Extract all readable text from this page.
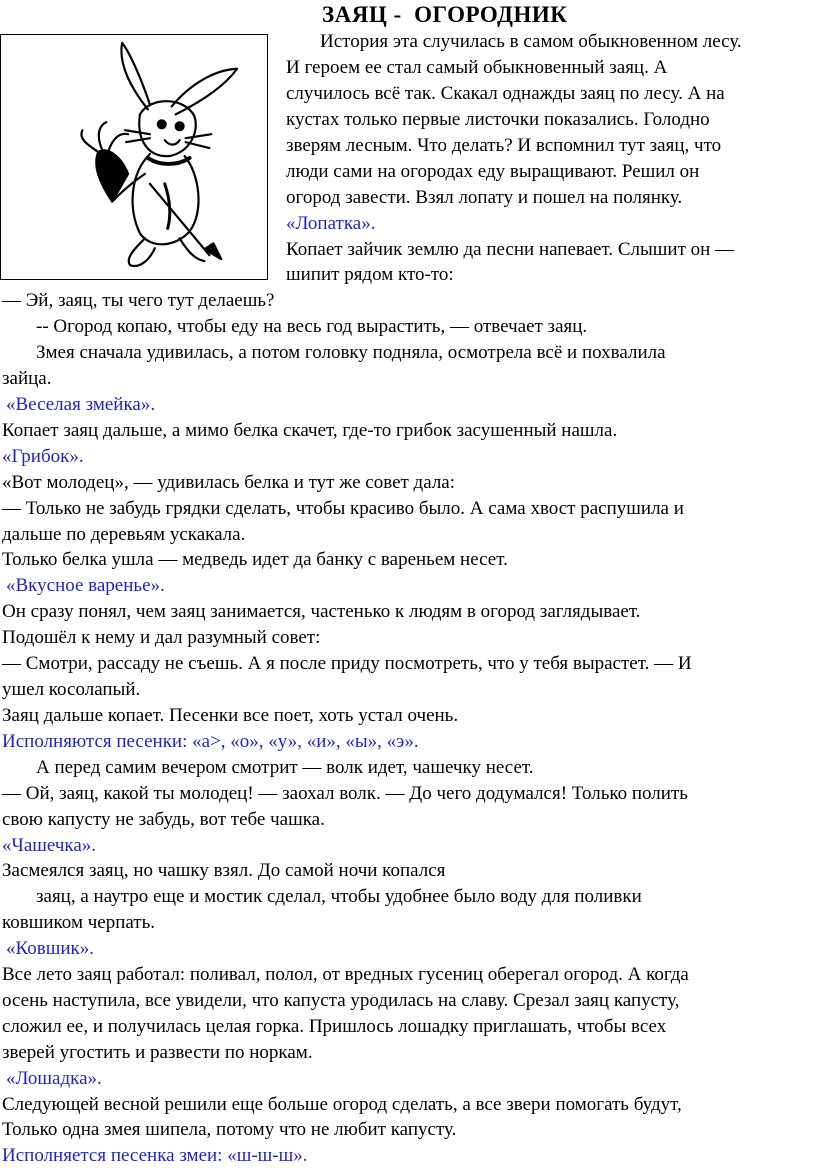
ЗАЯЦ -  ОГОРОДНИК
История эта случилась в самом обыкновенном лесу.
И героем ее стал самый обыкновенный заяц. А
случилось всё так. Скакал однажды заяц по лесу. А на
кустах только первые листочки показались. Голодно
зверям лесным. Что делать? И вспомнил тут заяц, что
люди сами на огородах еду выращивают. Решил он
огород завести. Взял лопату и пошел на полянку.
«Лопатка».
Копает зайчик землю да песни напевает. Слышит он —
шипит рядом кто-то:
— Эй, заяц, ты чего тут делаешь?
-- Огород копаю, чтобы еду на весь год вырастить, — отвечает заяц.
Змея сначала удивилась, а потом головку подняла, осмотрела всё и похвалила
зайца.
«Веселая змейка».
Копает заяц дальше, а мимо белка скачет, где-то грибок засушенный нашла.
«Грибок».
«Вот молодец», — удивилась белка и тут же совет дала:
— Только не забудь грядки сделать, чтобы красиво было. А сама хвост распушила и
дальше по деревьям ускакала.
Только белка ушла — медведь идет да банку с вареньем несет.
«Вкусное варенье».
Он сразу понял, чем заяц занимается, частенько к людям в огород заглядывает.
Подошёл к нему и дал разумный совет:
— Смотри, рассаду не съешь. А я после приду посмотреть, что у тебя вырастет. — И
ушел косолапый.
Заяц дальше копает. Песенки все поет, хоть устал очень.
Исполняются песенки: «а>, «о», «у», «и», «ы», «э».
А перед самим вечером смотрит — волк идет, чашечку несет.
— Ой, заяц, какой ты молодец! — заохал волк. — До чего додумался! Только полить
свою капусту не забудь, вот тебе чашка.
«Чашечка».
Засмеялся заяц, но чашку взял. До самой ночи копался
заяц, а наутро еще и мостик сделал, чтобы удобнее было воду для поливки
ковшиком черпать.
«Ковшик».
Все лето заяц работал: поливал, полол, от вредных гусениц оберегал огород. А когда
осень наступила, все увидели, что капуста уродилась на славу. Срезал заяц капусту,
сложил ее, и получилась целая горка. Пришлось лошадку приглашать, чтобы всех
зверей угостить и развести по норкам.
«Лошадка».
Следующей весной решили еще больше огород сделать, а все звери помогать будут,
Только одна змея шипела, потому что не любит капусту.
Исполняется песенка змеи: «ш-ш-ш».
